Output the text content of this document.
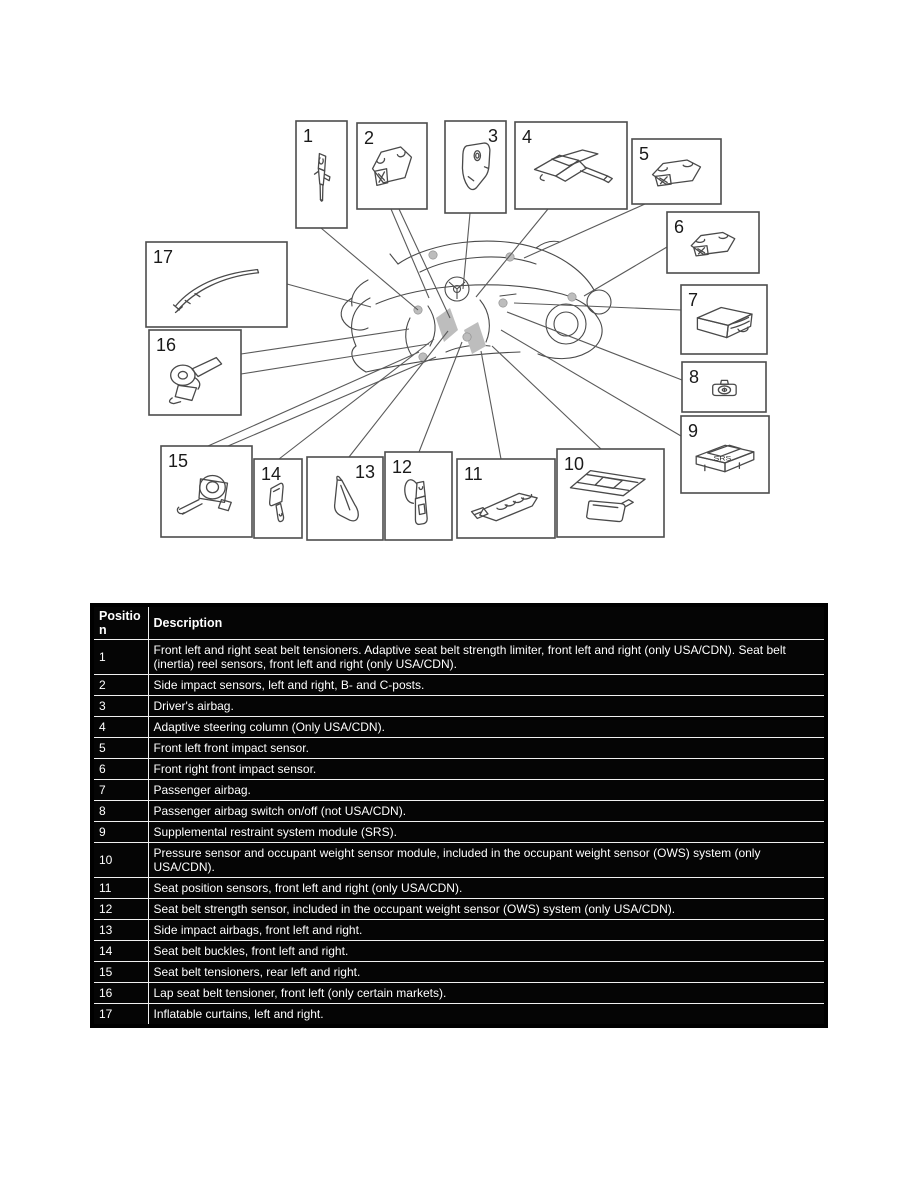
1	2	3 4
5
6
7
8
SRS
9
10
11
12
13
14
15
16
17
Position	Description
1	Front left and right seat belt tensioners. Adaptive seat belt strength limiter, front left and right (only USA/CDN). Seat belt (inertia) reel sensors, front left and right (only USA/CDN).
2	Side impact sensors, left and right, B- and C-posts.
3	Driver's airbag.
4	Adaptive steering column (Only USA/CDN).
5	Front left front impact sensor.
6	Front right front impact sensor.
7	Passenger airbag.
8	Passenger airbag switch on/off (not USA/CDN).
9	Supplemental restraint system module (SRS).
10	Pressure sensor and occupant weight sensor module, included in the occupant weight sensor (OWS) system (only USA/CDN).
11	Seat position sensors, front left and right (only USA/CDN).
12	Seat belt strength sensor, included in the occupant weight sensor (OWS) system (only USA/CDN).
13	Side impact airbags, front left and right.
14	Seat belt buckles, front left and right.
15	Seat belt tensioners, rear left and right.
16	Lap seat belt tensioner, front left (only certain markets).
17	Inflatable curtains, left and right.
